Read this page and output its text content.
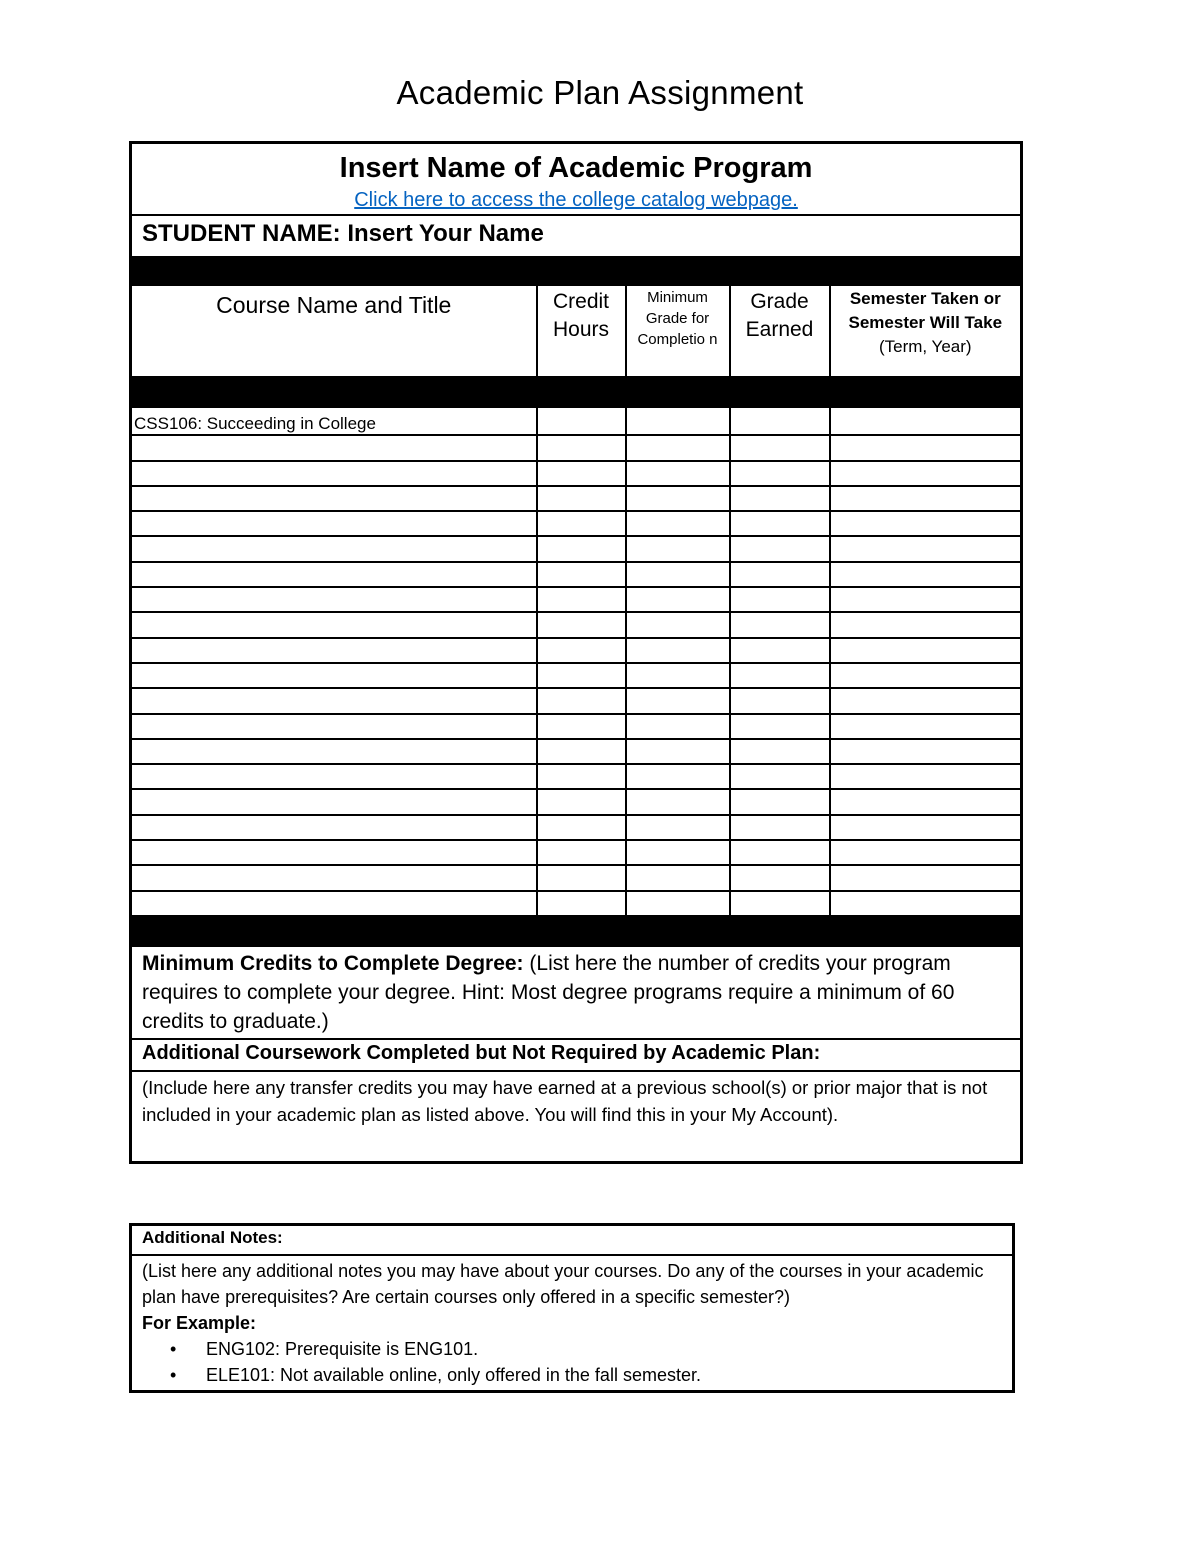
Academic Plan Assignment
Insert Name of Academic Program
Click here to access the college catalog webpage.				
STUDENT NAME: Insert Your Name				

Course Name and Title	Credit Hours	Minimum Grade for Completio n	Grade Earned	Semester Taken or Semester Will Take
(Term, Year)

CSS106: Succeeding in College				

Minimum Credits to Complete Degree: (List here the number of credits your program requires to complete your degree. Hint: Most degree programs require a minimum of 60 credits to graduate.)				
Additional Coursework Completed but Not Required by Academic Plan:				
(Include here any transfer credits you may have earned at a previous school(s) or prior major that is not included in your academic plan as listed above. You will find this in your My Account).				
Additional Notes:

(List here any additional notes you may have about your courses. Do any of the courses in your academic plan have prerequisites? Are certain courses only offered in a specific semester?)
For Example:
• ENG102: Prerequisite is ENG101.
• ELE101: Not available online, only offered in the fall semester.
